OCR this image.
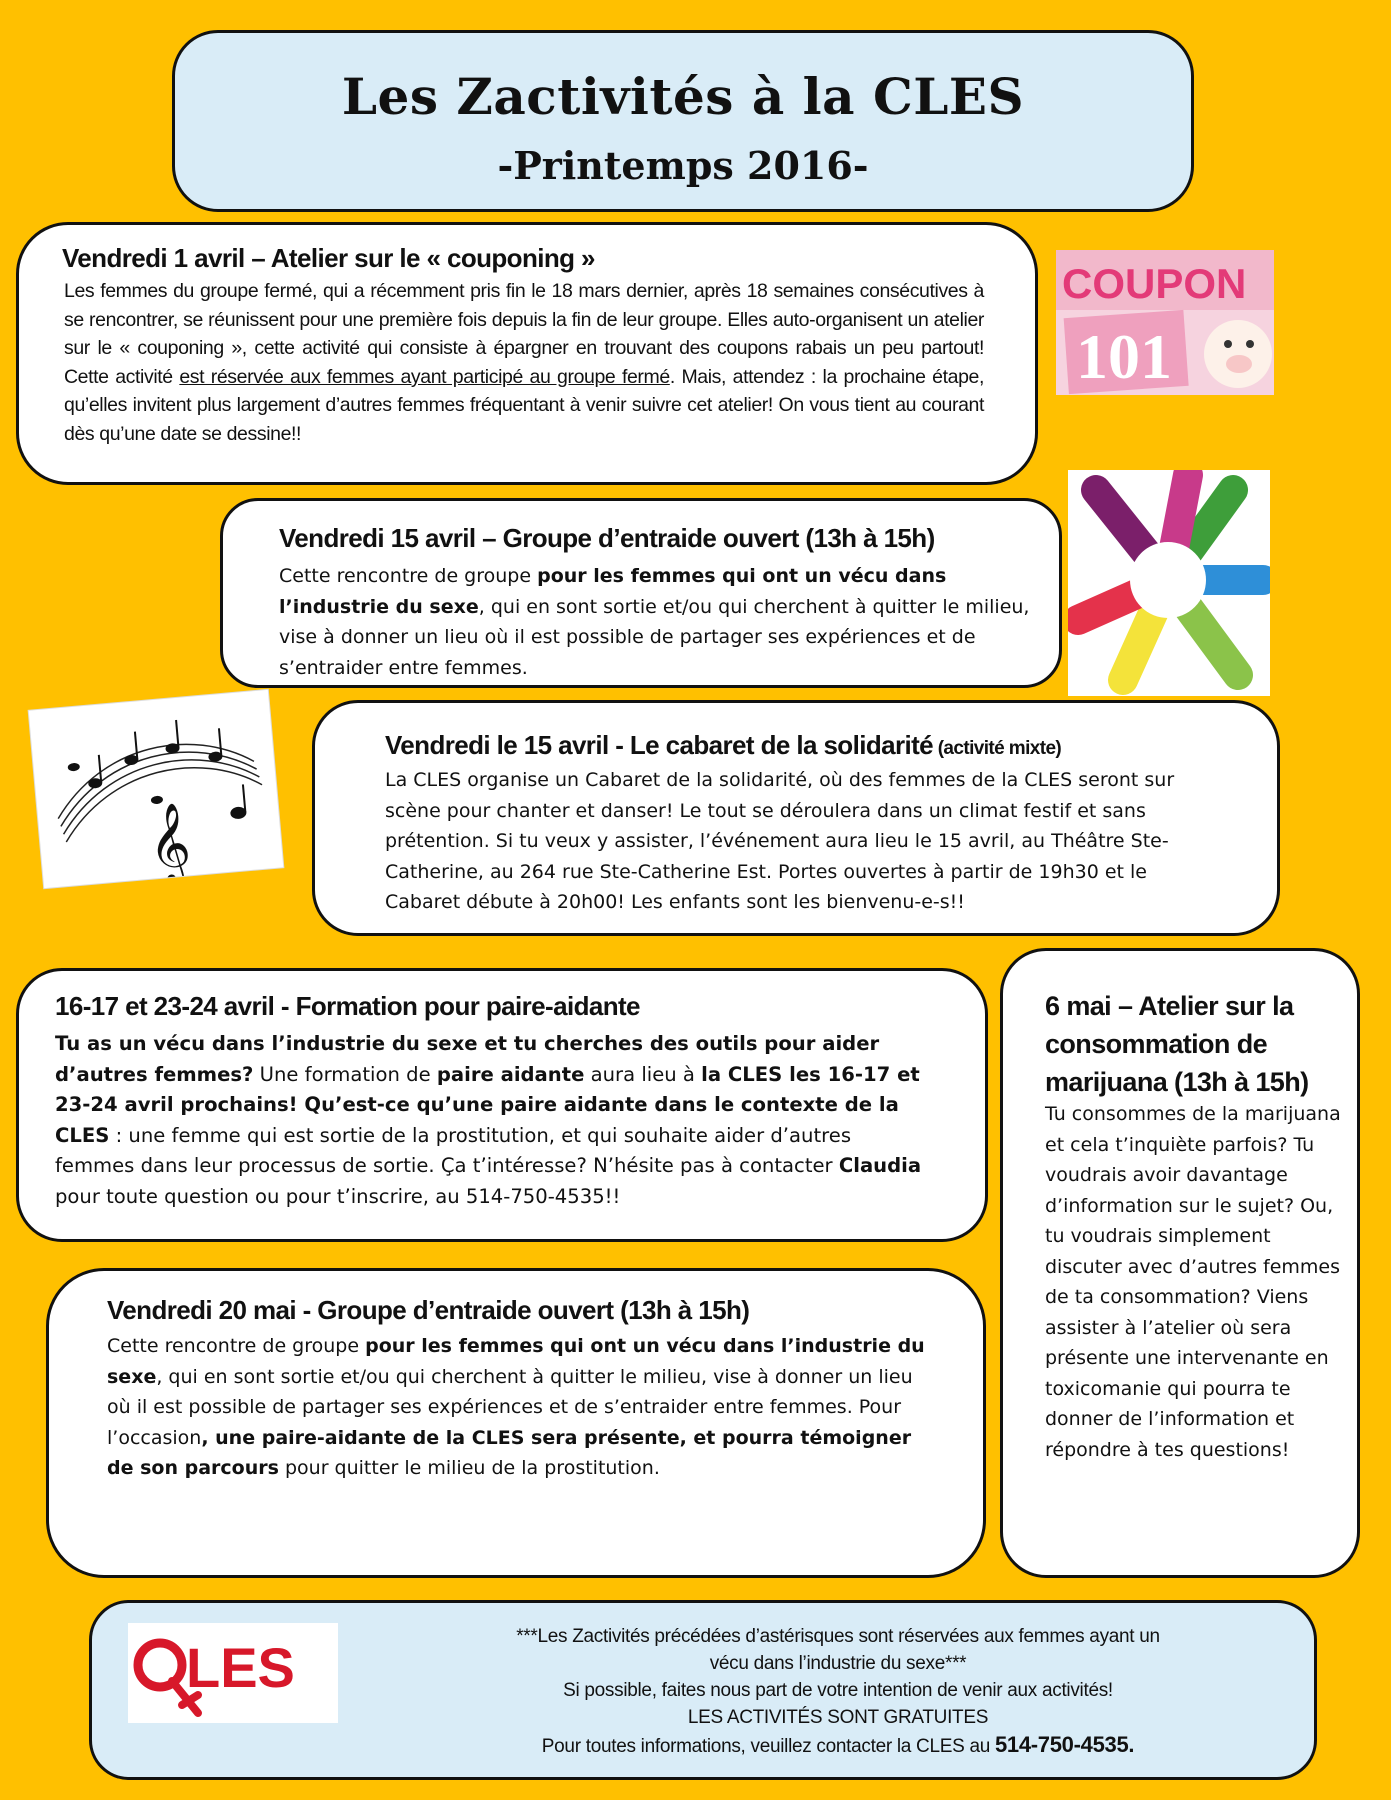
Les Zactivités à la CLES
-Printemps 2016-

Vendredi 1 avril – Atelier sur le « couponing »

Les femmes du groupe fermé, qui a récemment pris fin le 18 mars dernier, après 18 semaines consécutives à se rencontrer, se réunissent pour une première fois depuis la fin de leur groupe. Elles auto-organisent un atelier sur le « couponing », cette activité qui consiste à épargner en trouvant des coupons rabais un peu partout! Cette activité est réservée aux femmes ayant participé au groupe fermé. Mais, attendez : la prochaine étape, qu’elles invitent plus largement d’autres femmes fréquentant à venir suivre cet atelier! On vous tient au courant dès qu’une date se dessine!!

COUPON
101

Vendredi 15 avril – Groupe d’entraide ouvert (13h à 15h)

Cette rencontre de groupe pour les femmes qui ont un vécu dans l’industrie du sexe, qui en sont sortie et/ou qui cherchent à quitter le milieu, vise à donner un lieu où il est possible de partager ses expériences et de s’entraider entre femmes.

𝄞

Vendredi le 15 avril - Le cabaret de la solidarité (activité mixte)

La CLES organise un Cabaret de la solidarité, où des femmes de la CLES seront sur scène pour chanter et danser! Le tout se déroulera dans un climat festif et sans prétention. Si tu veux y assister, l’événement aura lieu le 15 avril, au Théâtre Ste-Catherine, au 264 rue Ste-Catherine Est. Portes ouvertes à partir de 19h30 et le Cabaret débute à 20h00! Les enfants sont les bienvenu-e-s!!

16-17 et 23-24 avril - Formation pour paire-aidante

Tu as un vécu dans l’industrie du sexe et tu cherches des outils pour aider d’autres femmes? Une formation de paire aidante aura lieu à la CLES les 16-17 et 23-24 avril prochains! Qu’est-ce qu’une paire aidante dans le contexte de la CLES : une femme qui est sortie de la prostitution, et qui souhaite aider d’autres femmes dans leur processus de sortie. Ça t’intéresse? N’hésite pas à contacter Claudia pour toute question ou pour t’inscrire, au 514-750-4535!!

6 mai – Atelier sur la consommation de marijuana (13h à 15h)

Tu consommes de la marijuana et cela t’inquiète parfois? Tu voudrais avoir davantage d’information sur le sujet? Ou, tu voudrais simplement discuter avec d’autres femmes de ta consommation? Viens assister à l’atelier où sera présente une intervenante en toxicomanie qui pourra te donner de l’information et répondre à tes questions!

Vendredi 20 mai - Groupe d’entraide ouvert (13h à 15h)

Cette rencontre de groupe pour les femmes qui ont un vécu dans l’industrie du sexe, qui en sont sortie et/ou qui cherchent à quitter le milieu, vise à donner un lieu où il est possible de partager ses expériences et de s’entraider entre femmes. Pour l’occasion, une paire-aidante de la CLES sera présente, et pourra témoigner de son parcours pour quitter le milieu de la prostitution.

LES	***Les Zactivités précédées d’astérisques sont réservées aux femmes ayant un vécu dans l’industrie du sexe***
Si possible, faites nous part de votre intention de venir aux activités!
LES ACTIVITÉS SONT GRATUITES
Pour toutes informations, veuillez contacter la CLES au 514-750-4535.
